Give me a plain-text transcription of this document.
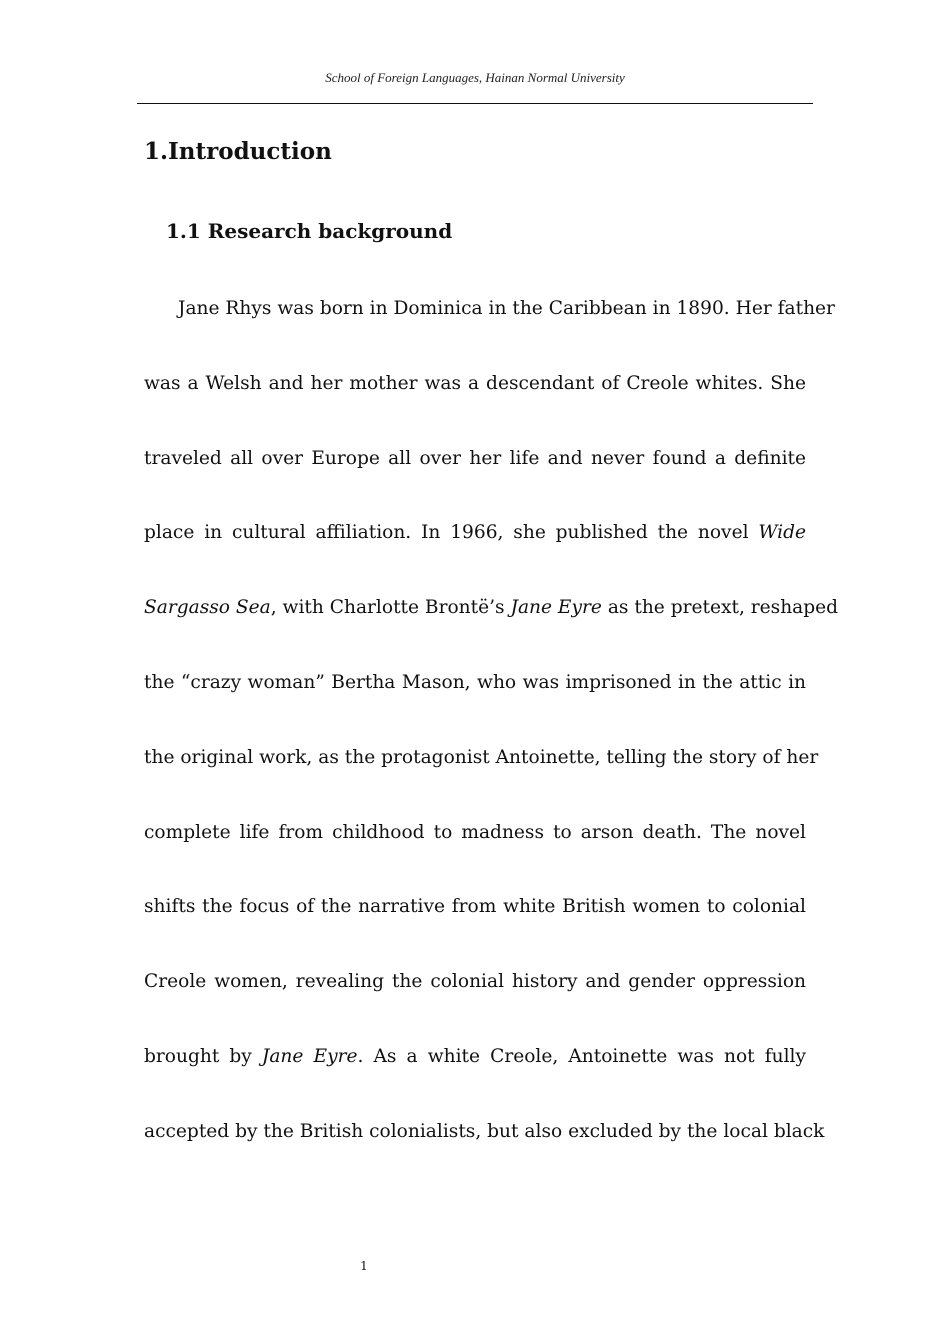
School of Foreign Languages, Hainan Normal University
1.Introduction
1.1 Research background
Jane Rhys was born in Dominica in the Caribbean in 1890. Her father
was a Welsh and her mother was a descendant of Creole whites. She
traveled all over Europe all over her life and never found a definite
place in cultural affiliation. In 1966, she published the novel Wide
Sargasso Sea, with Charlotte Brontë’s Jane Eyre as the pretext, reshaped
the “crazy woman” Bertha Mason, who was imprisoned in the attic in
the original work, as the protagonist Antoinette, telling the story of her
complete life from childhood to madness to arson death. The novel
shifts the focus of the narrative from white British women to colonial
Creole women, revealing the colonial history and gender oppression
brought by Jane Eyre. As a white Creole, Antoinette was not fully
accepted by the British colonialists, but also excluded by the local black
1
